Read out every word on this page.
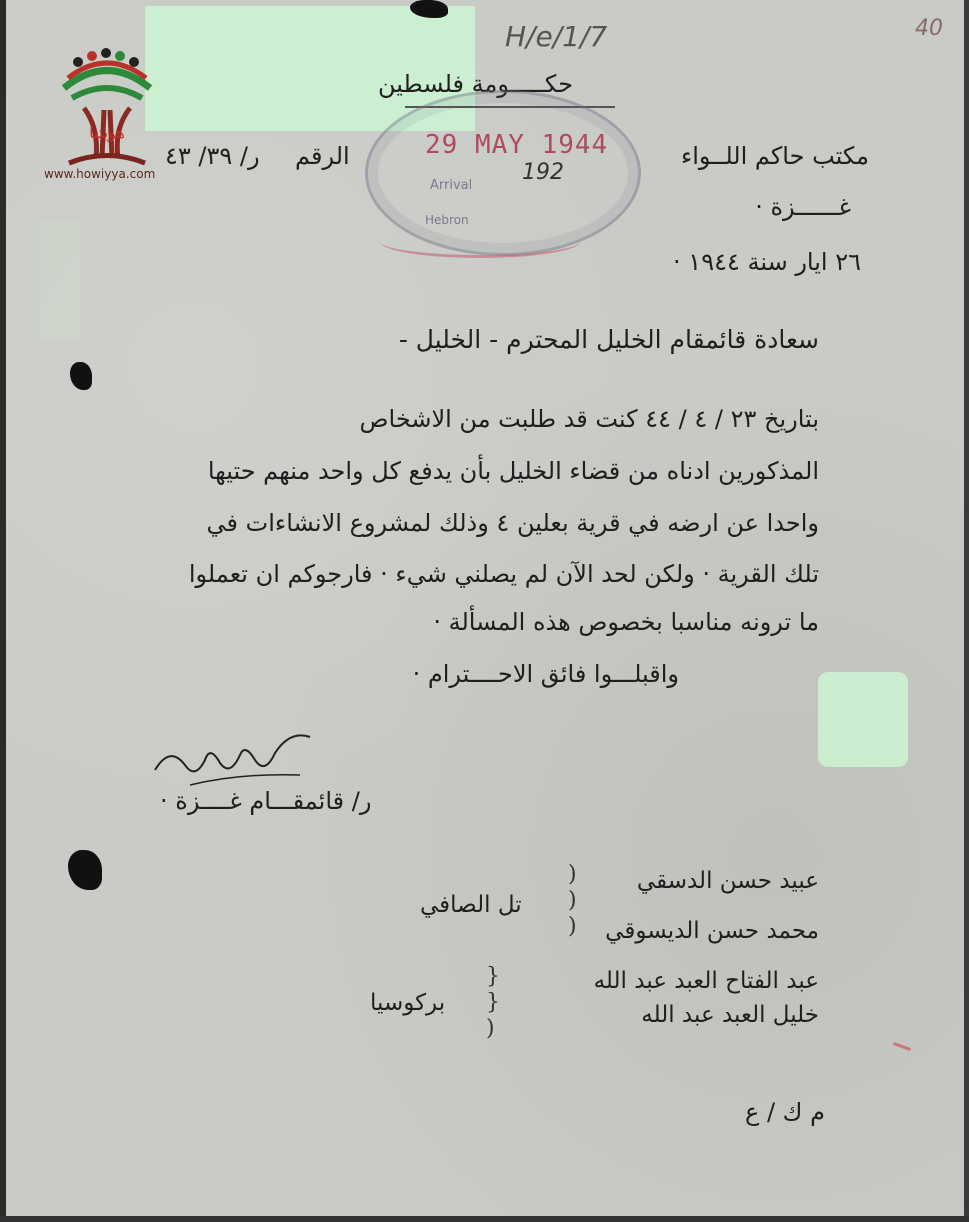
H/e/1/7	40
هويتنا
www.howiyya.com
حكـــــومة فلسطين
29 MAY 1944
Arrival
192
Hebron
مكتب حاكم اللــواء
غــــــزة ·
٢٦ ايار سنة ١٩٤٤ ·
الرقم
ر/ ٣٩/ ٤٣
سعادة قائمقام الخليل المحترم - الخليل -
بتاريخ ٢٣ / ٤ / ٤٤ كنت قد طلبت من الاشخاص
المذكورين ادناه من قضاء الخليل بأن يدفع كل واحد منهم حتيها
واحدا عن ارضه في قرية بعلين ٤ وذلك لمشروع الانشاءات في
تلك القرية · ولكن لحد الآن لم يصلني شيء · فارجوكم ان تعملوا
ما ترونه مناسبا بخصوص هذه المسألة ·
واقبلـــوا فائق الاحــــترام ·
ر/ قائمقـــام غــــزة ·
عبيد حسن الدسقي
محمد حسن الديسوقي
)
)
)
تل الصافي
عبد الفتاح العبد عبد الله
خليل العبد عبد الله
}
}
)
بركوسيا
م ك / ع
